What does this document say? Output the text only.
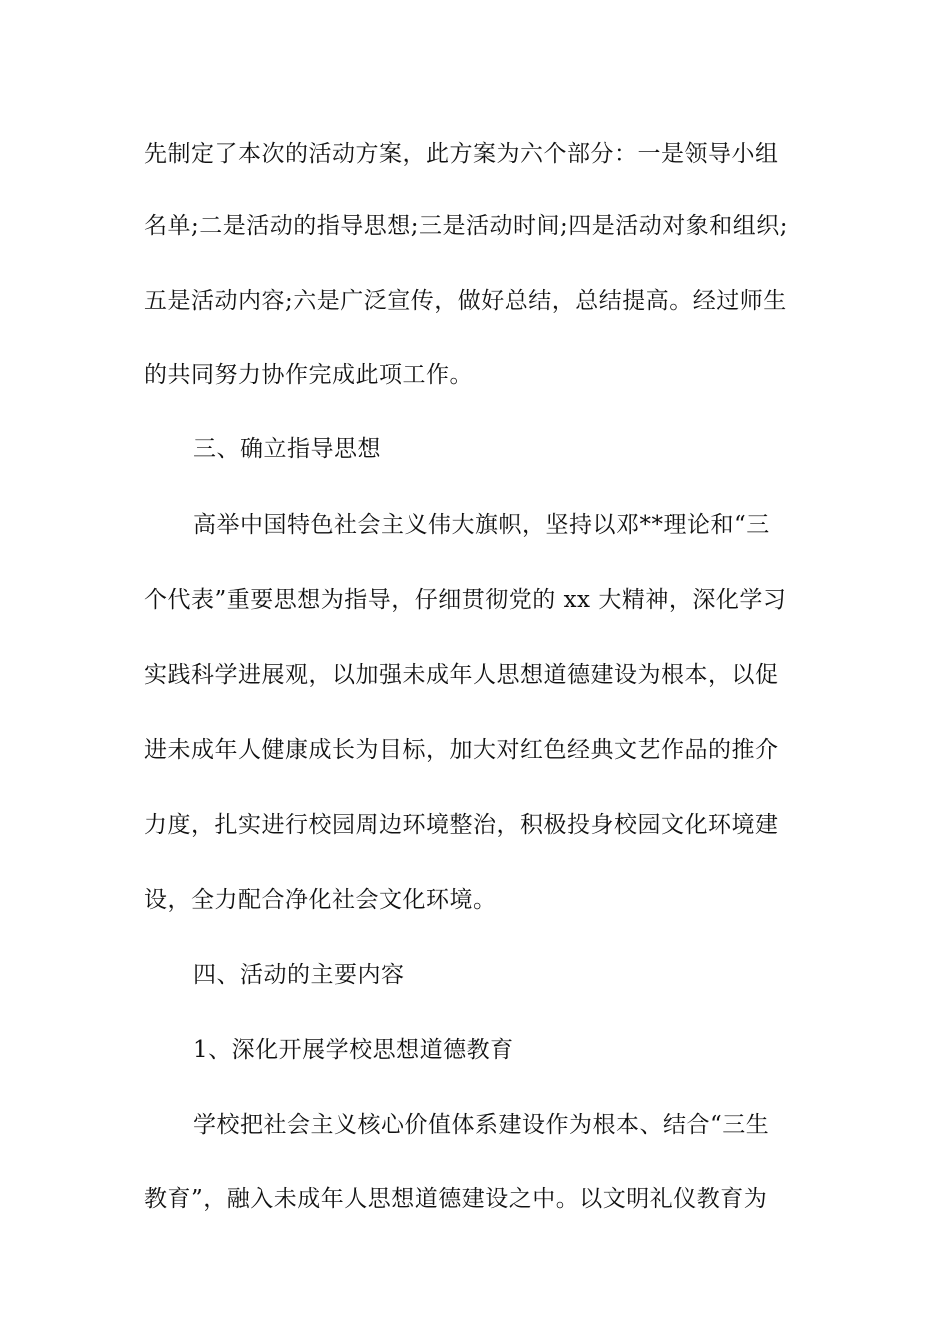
先制定了本次的活动方案，此方案为六个部分：一是领导小组
名单;二是活动的指导思想;三是活动时间;四是活动对象和组织;
五是活动内容;六是广泛宣传，做好总结，总结提高。经过师生
的共同努力协作完成此项工作。
三、确立指导思想
高举中国特色社会主义伟大旗帜，坚持以邓**理论和“三
个代表”重要思想为指导，仔细贯彻党的 xx 大精神，深化学习
实践科学进展观，以加强未成年人思想道德建设为根本，以促
进未成年人健康成长为目标，加大对红色经典文艺作品的推介
力度，扎实进行校园周边环境整治，积极投身校园文化环境建
设，全力配合净化社会文化环境。
四、活动的主要内容
1、深化开展学校思想道德教育
学校把社会主义核心价值体系建设作为根本、结合“三生
教育”，融入未成年人思想道德建设之中。以文明礼仪教育为
